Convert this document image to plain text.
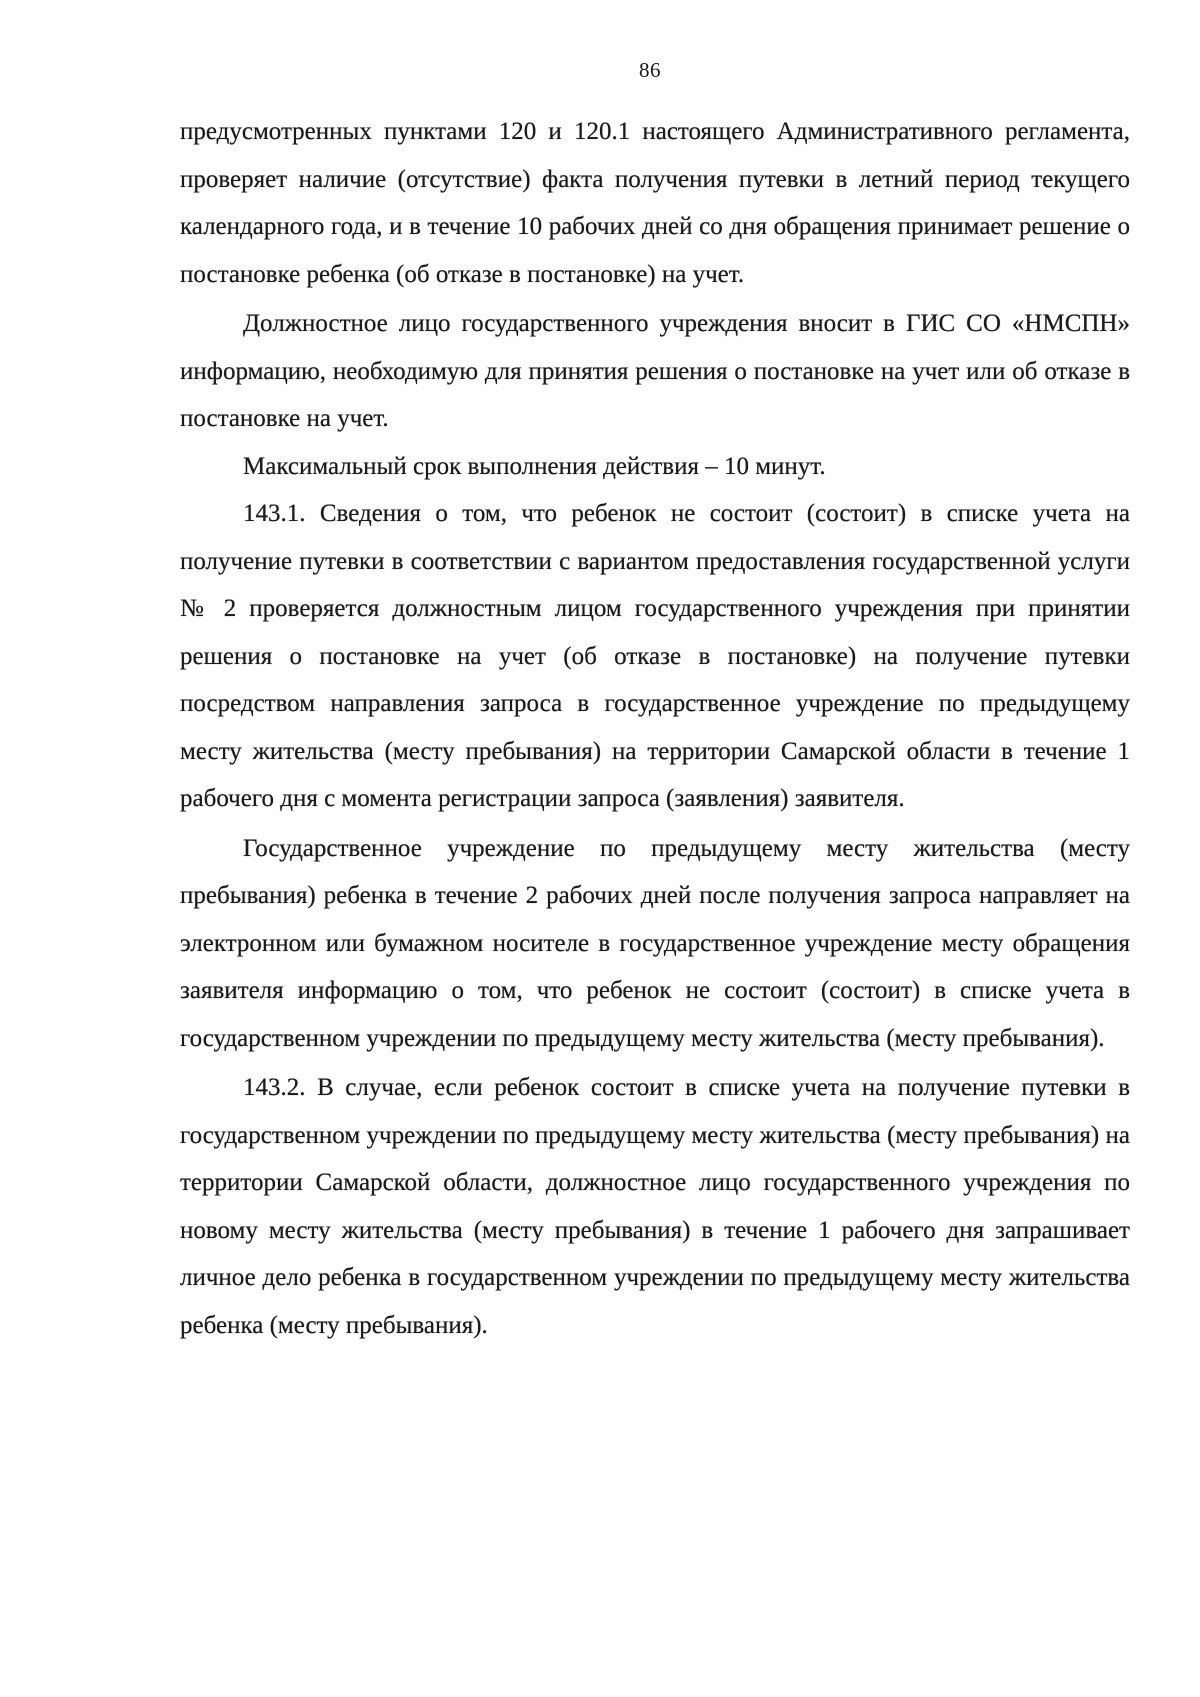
86

предусмотренных пунктами 120 и 120.1 настоящего Административного регламента, проверяет наличие (отсутствие) факта получения путевки в летний период текущего календарного года, и в течение 10 рабочих дней со дня обращения принимает решение о постановке ребенка (об отказе в постановке) на учет.

Должностное лицо государственного учреждения вносит в ГИС СО «НМСПН» информацию, необходимую для принятия решения о постановке на учет или об отказе в постановке на учет.

Максимальный срок выполнения действия – 10 минут.

143.1. Сведения о том, что ребенок не состоит (состоит) в списке учета на получение путевки в соответствии с вариантом предоставления государственной услуги № 2 проверяется должностным лицом государственного учреждения при принятии решения о постановке на учет (об отказе в постановке) на получение путевки посредством направления запроса в государственное учреждение по предыдущему месту жительства (месту пребывания) на территории Самарской области в течение 1 рабочего дня с момента регистрации запроса (заявления) заявителя.

Государственное учреждение по предыдущему месту жительства (месту пребывания) ребенка в течение 2 рабочих дней после получения запроса направляет на электронном или бумажном носителе в государственное учреждение месту обращения заявителя информацию о том, что ребенок не состоит (состоит) в списке учета в государственном учреждении по предыдущему месту жительства (месту пребывания).

143.2. В случае, если ребенок состоит в списке учета на получение путевки в государственном учреждении по предыдущему месту жительства (месту пребывания) на территории Самарской области, должностное лицо государственного учреждения по новому месту жительства (месту пребывания) в течение 1 рабочего дня запрашивает личное дело ребенка в государственном учреждении по предыдущему месту жительства ребенка (месту пребывания).
